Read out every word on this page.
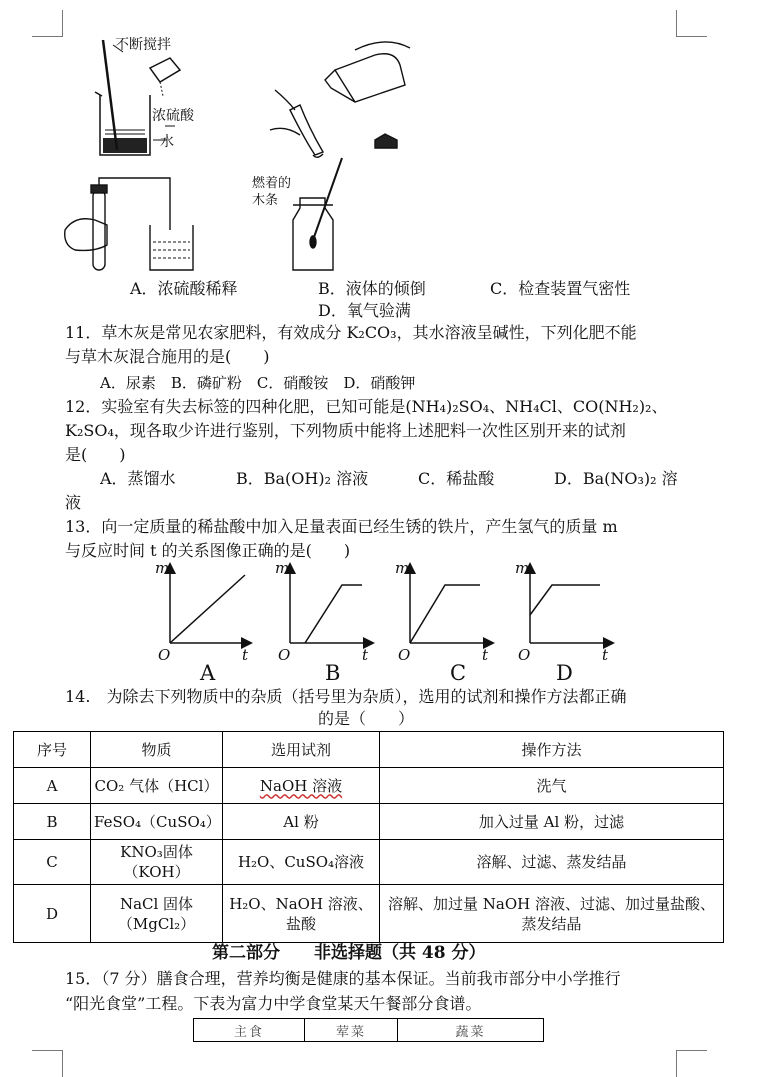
不断搅拌
浓硫酸
水
燃着的
木条
A．浓硫酸稀释	B．液体的倾倒	C．检查装置气密性
D．氧气验满
11．草木灰是常见农家肥料，有效成分 K₂CO₃，其水溶液呈碱性，下列化肥不能
与草木灰混合施用的是(　　)
A．尿素　B．磷矿粉　C．硝酸铵　D．硝酸钾
12．实验室有失去标签的四种化肥，已知可能是(NH₄)₂SO₄、NH₄Cl、CO(NH₂)₂、
K₂SO₄，现各取少许进行鉴别，下列物质中能将上述肥料一次性区别开来的试剂
是(　　)
A．蒸馏水	B．Ba(OH)₂ 溶液	C．稀盐酸	D．Ba(NO₃)₂ 溶
液
13．向一定质量的稀盐酸中加入足量表面已经生锈的铁片，产生氢气的质量 m
与反应时间 t 的关系图像正确的是(　　)
m	m	m	m
O	O	O	O
t	t	t	t
A	B	C	D
14.　为除去下列物质中的杂质（括号里为杂质），选用的试剂和操作方法都正确
的是（　　）
序号	物质	选用试剂	操作方法
A	CO₂ 气体（HCl）	NaOH 溶液	洗气
B	FeSO₄（CuSO₄）	Al 粉	加入过量 Al 粉，过滤
C	KNO₃固体（KOH）	H₂O、CuSO₄溶液	溶解、过滤、蒸发结晶
D	NaCl 固体（MgCl₂）	H₂O、NaOH 溶液、盐酸	溶解、加过量 NaOH 溶液、过滤、加过量盐酸、蒸发结晶
第二部分　　非选择题（共 48 分）
15．（7 分）膳食合理，营养均衡是健康的基本保证。当前我市部分中小学推行
“阳光食堂”工程。下表为富力中学食堂某天午餐部分食谱。
主食	荤菜	蔬菜
